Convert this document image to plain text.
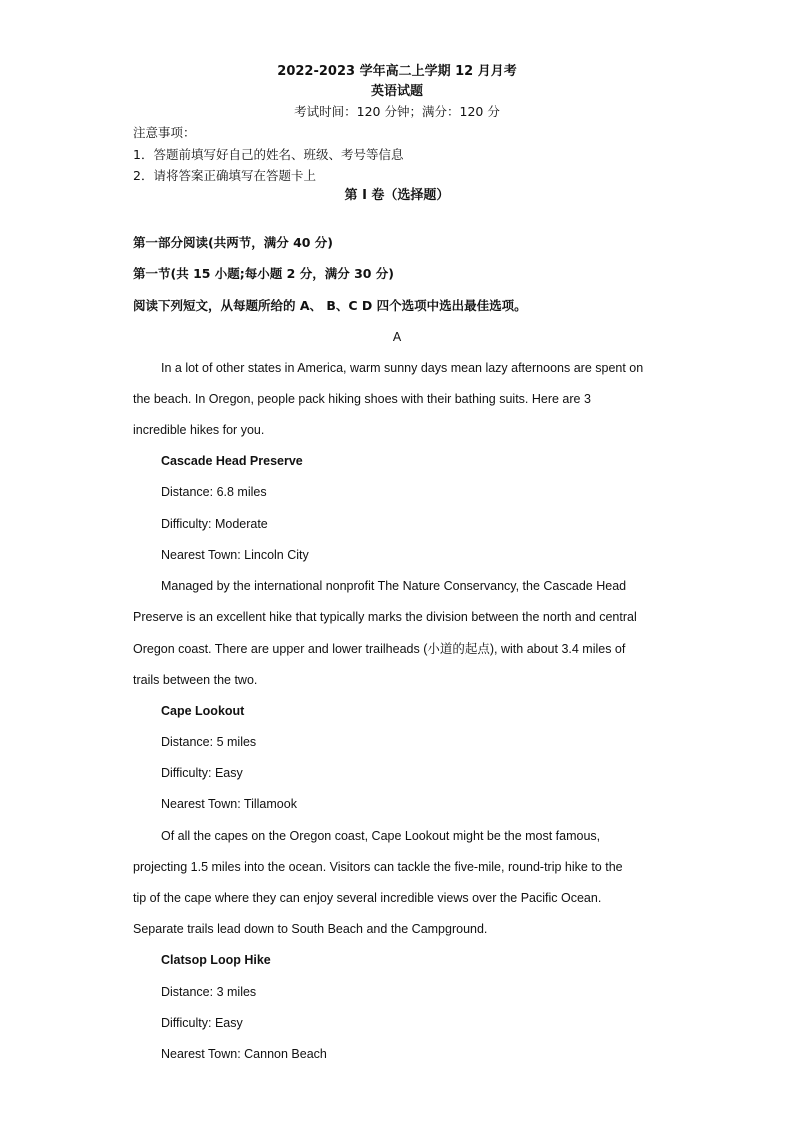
2022-2023 学年高二上学期 12 月月考
英语试题
考试时间：120 分钟；满分：120 分
注意事项：
1．答题前填写好自己的姓名、班级、考号等信息
2．请将答案正确填写在答题卡上
第 I 卷（选择题）
第一部分阅读(共两节，满分 40 分)
第一节(共 15 小题;每小题 2 分，满分 30 分)
阅读下列短文，从每题所给的 A、 B、C D 四个选项中选出最佳选项。
A
In a lot of other states in America, warm sunny days mean lazy afternoons are spent on
the beach. In Oregon, people pack hiking shoes with their bathing suits. Here are 3
incredible hikes for you.
Cascade Head Preserve
Distance: 6.8 miles
Difficulty: Moderate
Nearest Town: Lincoln City
Managed by the international nonprofit The Nature Conservancy, the Cascade Head
Preserve is an excellent hike that typically marks the division between the north and central
Oregon coast. There are upper and lower trailheads (小道的起点), with about 3.4 miles of
trails between the two.
Cape Lookout
Distance: 5 miles
Difficulty: Easy
Nearest Town: Tillamook
Of all the capes on the Oregon coast, Cape Lookout might be the most famous,
projecting 1.5 miles into the ocean. Visitors can tackle the five-mile, round-trip hike to the
tip of the cape where they can enjoy several incredible views over the Pacific Ocean.
Separate trails lead down to South Beach and the Campground.
Clatsop Loop Hike
Distance: 3 miles
Difficulty: Easy
Nearest Town: Cannon Beach
